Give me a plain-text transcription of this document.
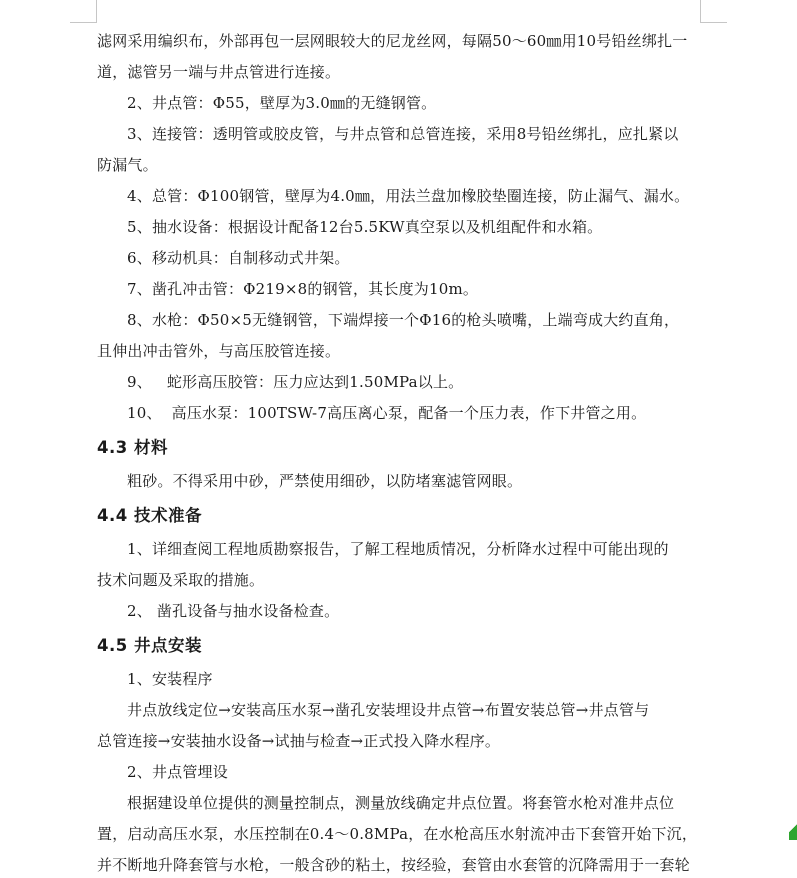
滤网采用编织布，外部再包一层网眼较大的尼龙丝网，每隔50～60㎜用10号铅丝绑扎一

道，滤管另一端与井点管进行连接。

2、井点管：Φ55，壁厚为3.0㎜的无缝钢管。

3、连接管：透明管或胶皮管，与井点管和总管连接，采用8号铅丝绑扎，应扎紧以

防漏气。

4、总管：Φ100钢管，壁厚为4.0㎜，用法兰盘加橡胶垫圈连接，防止漏气、漏水。

5、抽水设备：根据设计配备12台5.5KW真空泵以及机组配件和水箱。

6、移动机具：自制移动式井架。

7、凿孔冲击管：Φ219×8的钢管，其长度为10m。

8、水枪：Φ50×5无缝钢管，下端焊接一个Φ16的枪头喷嘴，上端弯成大约直角，

且伸出冲击管外，与高压胶管连接。

9、   蛇形高压胶管：压力应达到1.50MPa以上。

10、  高压水泵：100TSW-7高压离心泵，配备一个压力表，作下井管之用。

4.3 材料

粗砂。不得采用中砂，严禁使用细砂，以防堵塞滤管网眼。

4.4 技术准备

1、详细查阅工程地质勘察报告，了解工程地质情况，分析降水过程中可能出现的

技术问题及采取的措施。

2、 凿孔设备与抽水设备检查。

4.5 井点安装

1、安装程序

井点放线定位→安装高压水泵→凿孔安装埋设井点管→布置安装总管→井点管与

总管连接→安装抽水设备→试抽与检查→正式投入降水程序。

2、井点管埋设

根据建设单位提供的测量控制点，测量放线确定井点位置。将套管水枪对准井点位

置，启动高压水泵，水压控制在0.4～0.8MPa，在水枪高压水射流冲击下套管开始下沉，

并不断地升降套管与水枪，一般含砂的粘土，按经验，套管由水套管的沉降需用于一套轮
